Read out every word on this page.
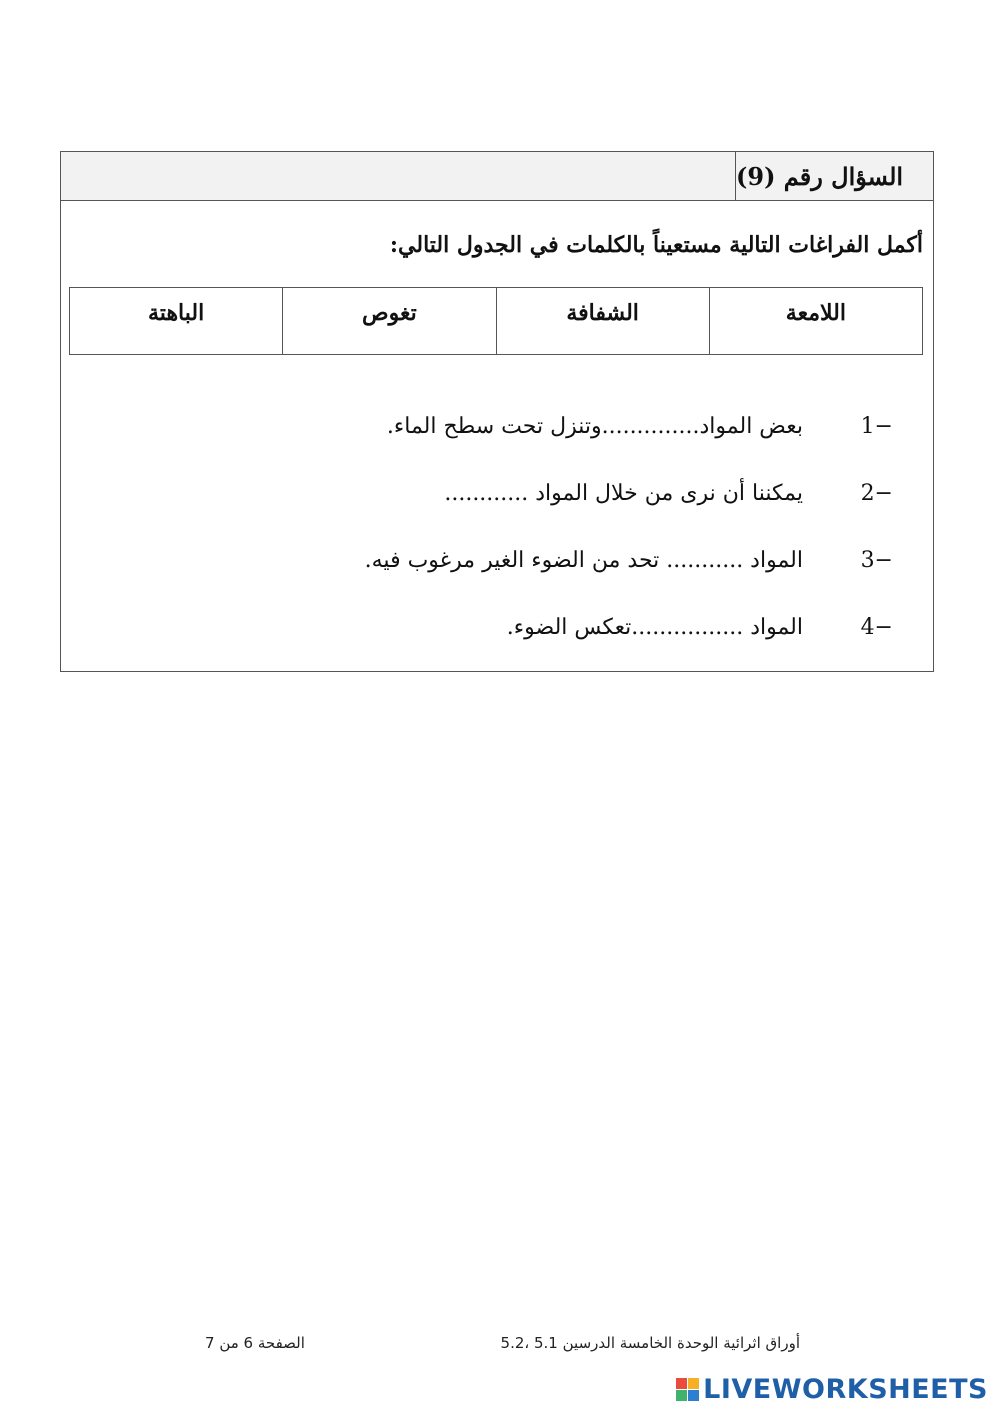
السؤال رقم (9)
أكمل الفراغات التالية مستعيناً بالكلمات في الجدول التالي:
اللامعة
الشفافة
تغوص
الباهتة
1−
بعض المواد..............وتنزل تحت سطح الماء.
2−
يمكننا أن نرى من خلال المواد ............
3−
المواد ........... تحد من الضوء الغير مرغوب فيه.
4−
المواد ................تعكس الضوء.
أوراق اثرائية الوحدة الخامسة الدرسين 5.1 ،5.2
الصفحة 6 من 7
LIVEWORKSHEETS
